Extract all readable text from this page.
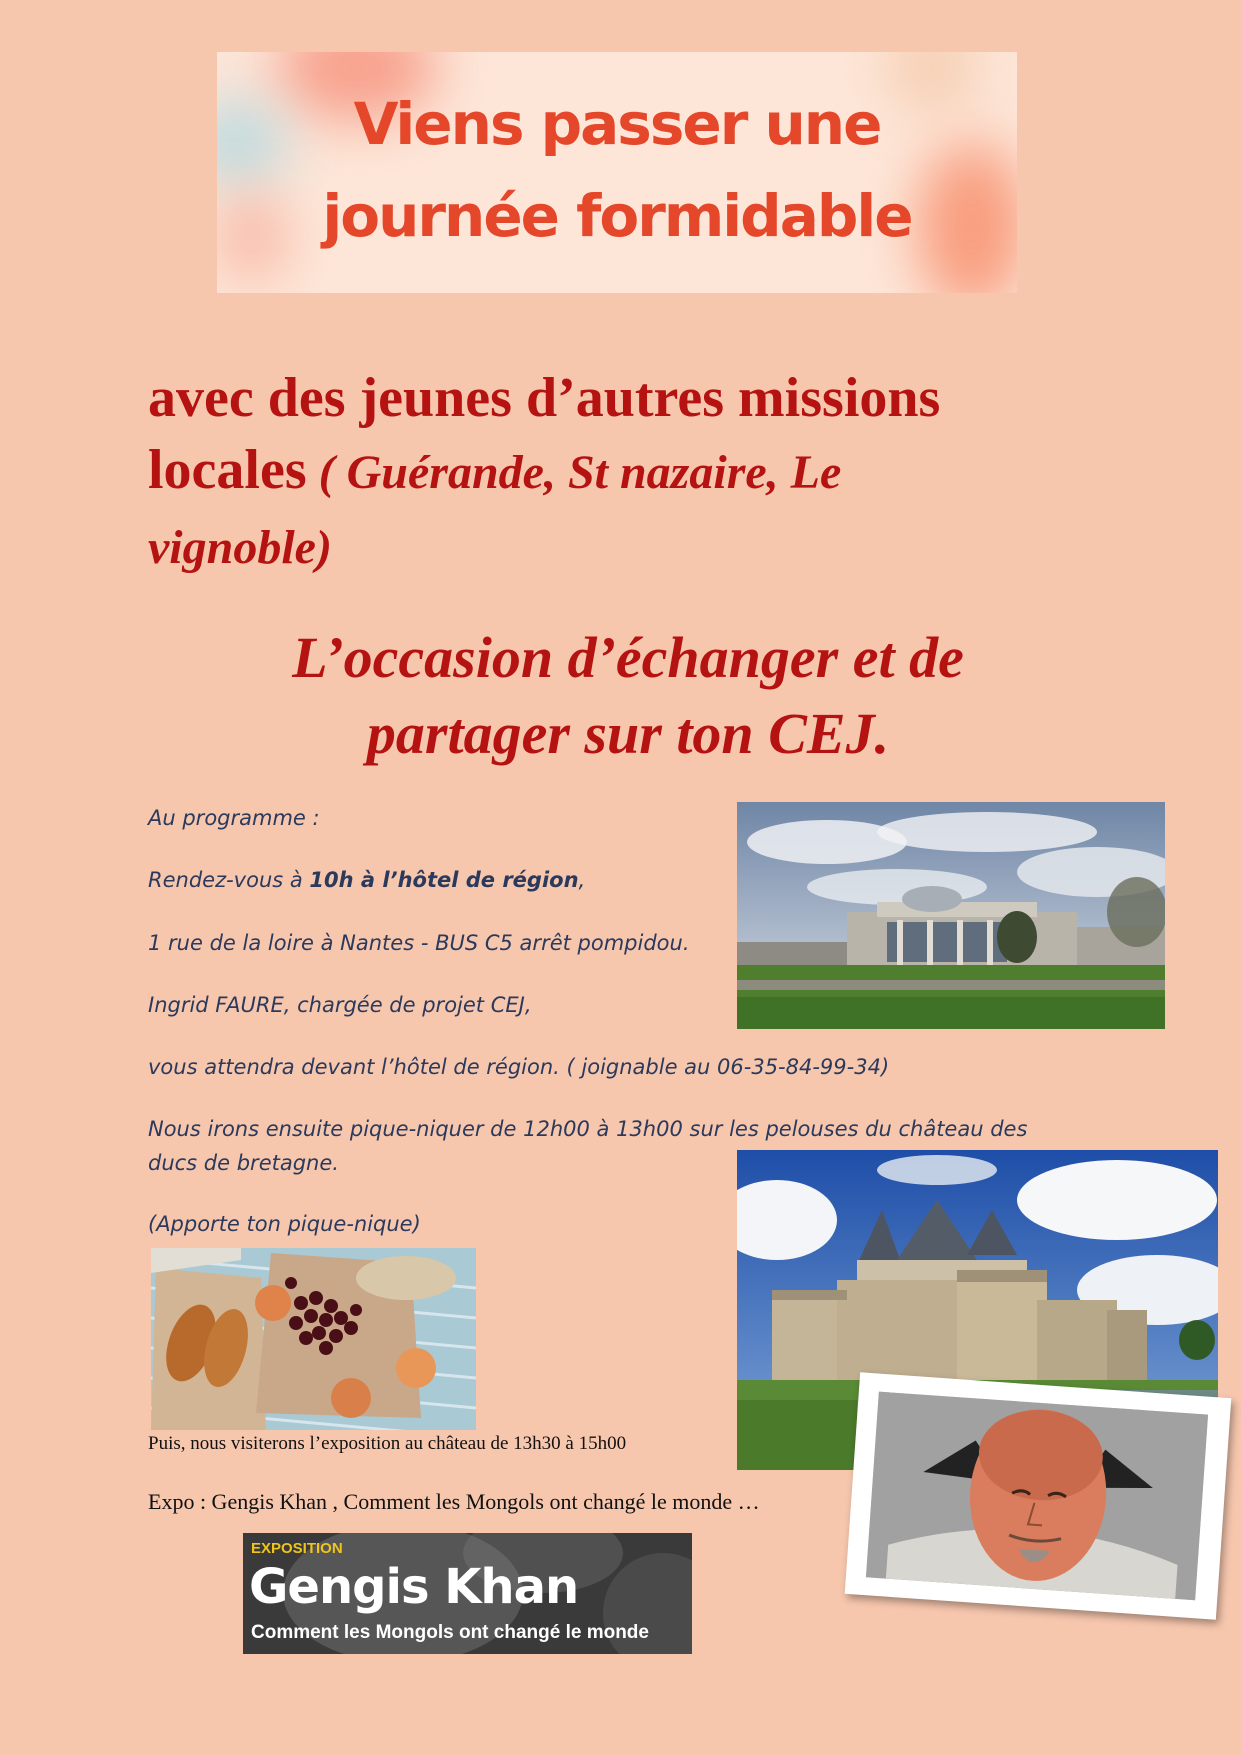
Viens passer une
journée formidable
avec des jeunes d’autres missions
locales ( Guérande, St nazaire, Le
vignoble)
L’occasion d’échanger et de
partager sur ton CEJ.
Au programme :
Rendez-vous à 10h à l’hôtel de région,
1 rue de la loire à Nantes - BUS C5 arrêt pompidou.
Ingrid FAURE, chargée de projet CEJ,
vous attendra devant l’hôtel de région. ( joignable au 06-35-84-99-34)
Nous irons ensuite pique-niquer de 12h00 à 13h00 sur les pelouses du château des
ducs de bretagne.
(Apporte ton pique-nique)
Puis, nous visiterons l’exposition au château de 13h30 à 15h00
Expo : Gengis Khan , Comment les Mongols ont changé le monde …
EXPOSITION
Gengis Khan
Comment les Mongols ont changé le monde
